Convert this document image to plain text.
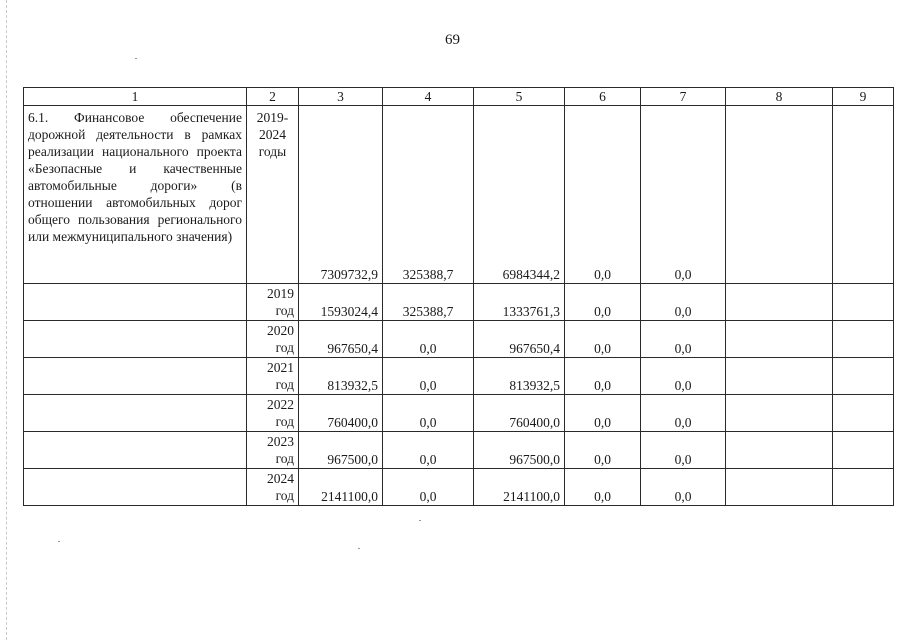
69
1	2	3	4	5	6	7	8	9
6.1. Финансовое обеспечение дорожной деятельности в рамках реализации национального проекта «Безопасные и качественные автомобильные дороги» (в отношении автомобильных дорог общего пользования регионального или межмуниципального значения)	2019-2024 годы	7309732,9	325388,7	6984344,2	0,0	0,0		
	2019 год	1593024,4	325388,7	1333761,3	0,0	0,0		
	2020 год	967650,4	0,0	967650,4	0,0	0,0		
	2021 год	813932,5	0,0	813932,5	0,0	0,0		
	2022 год	760400,0	0,0	760400,0	0,0	0,0		
	2023 год	967500,0	0,0	967500,0	0,0	0,0		
	2024 год	2141100,0	0,0	2141100,0	0,0	0,0		
